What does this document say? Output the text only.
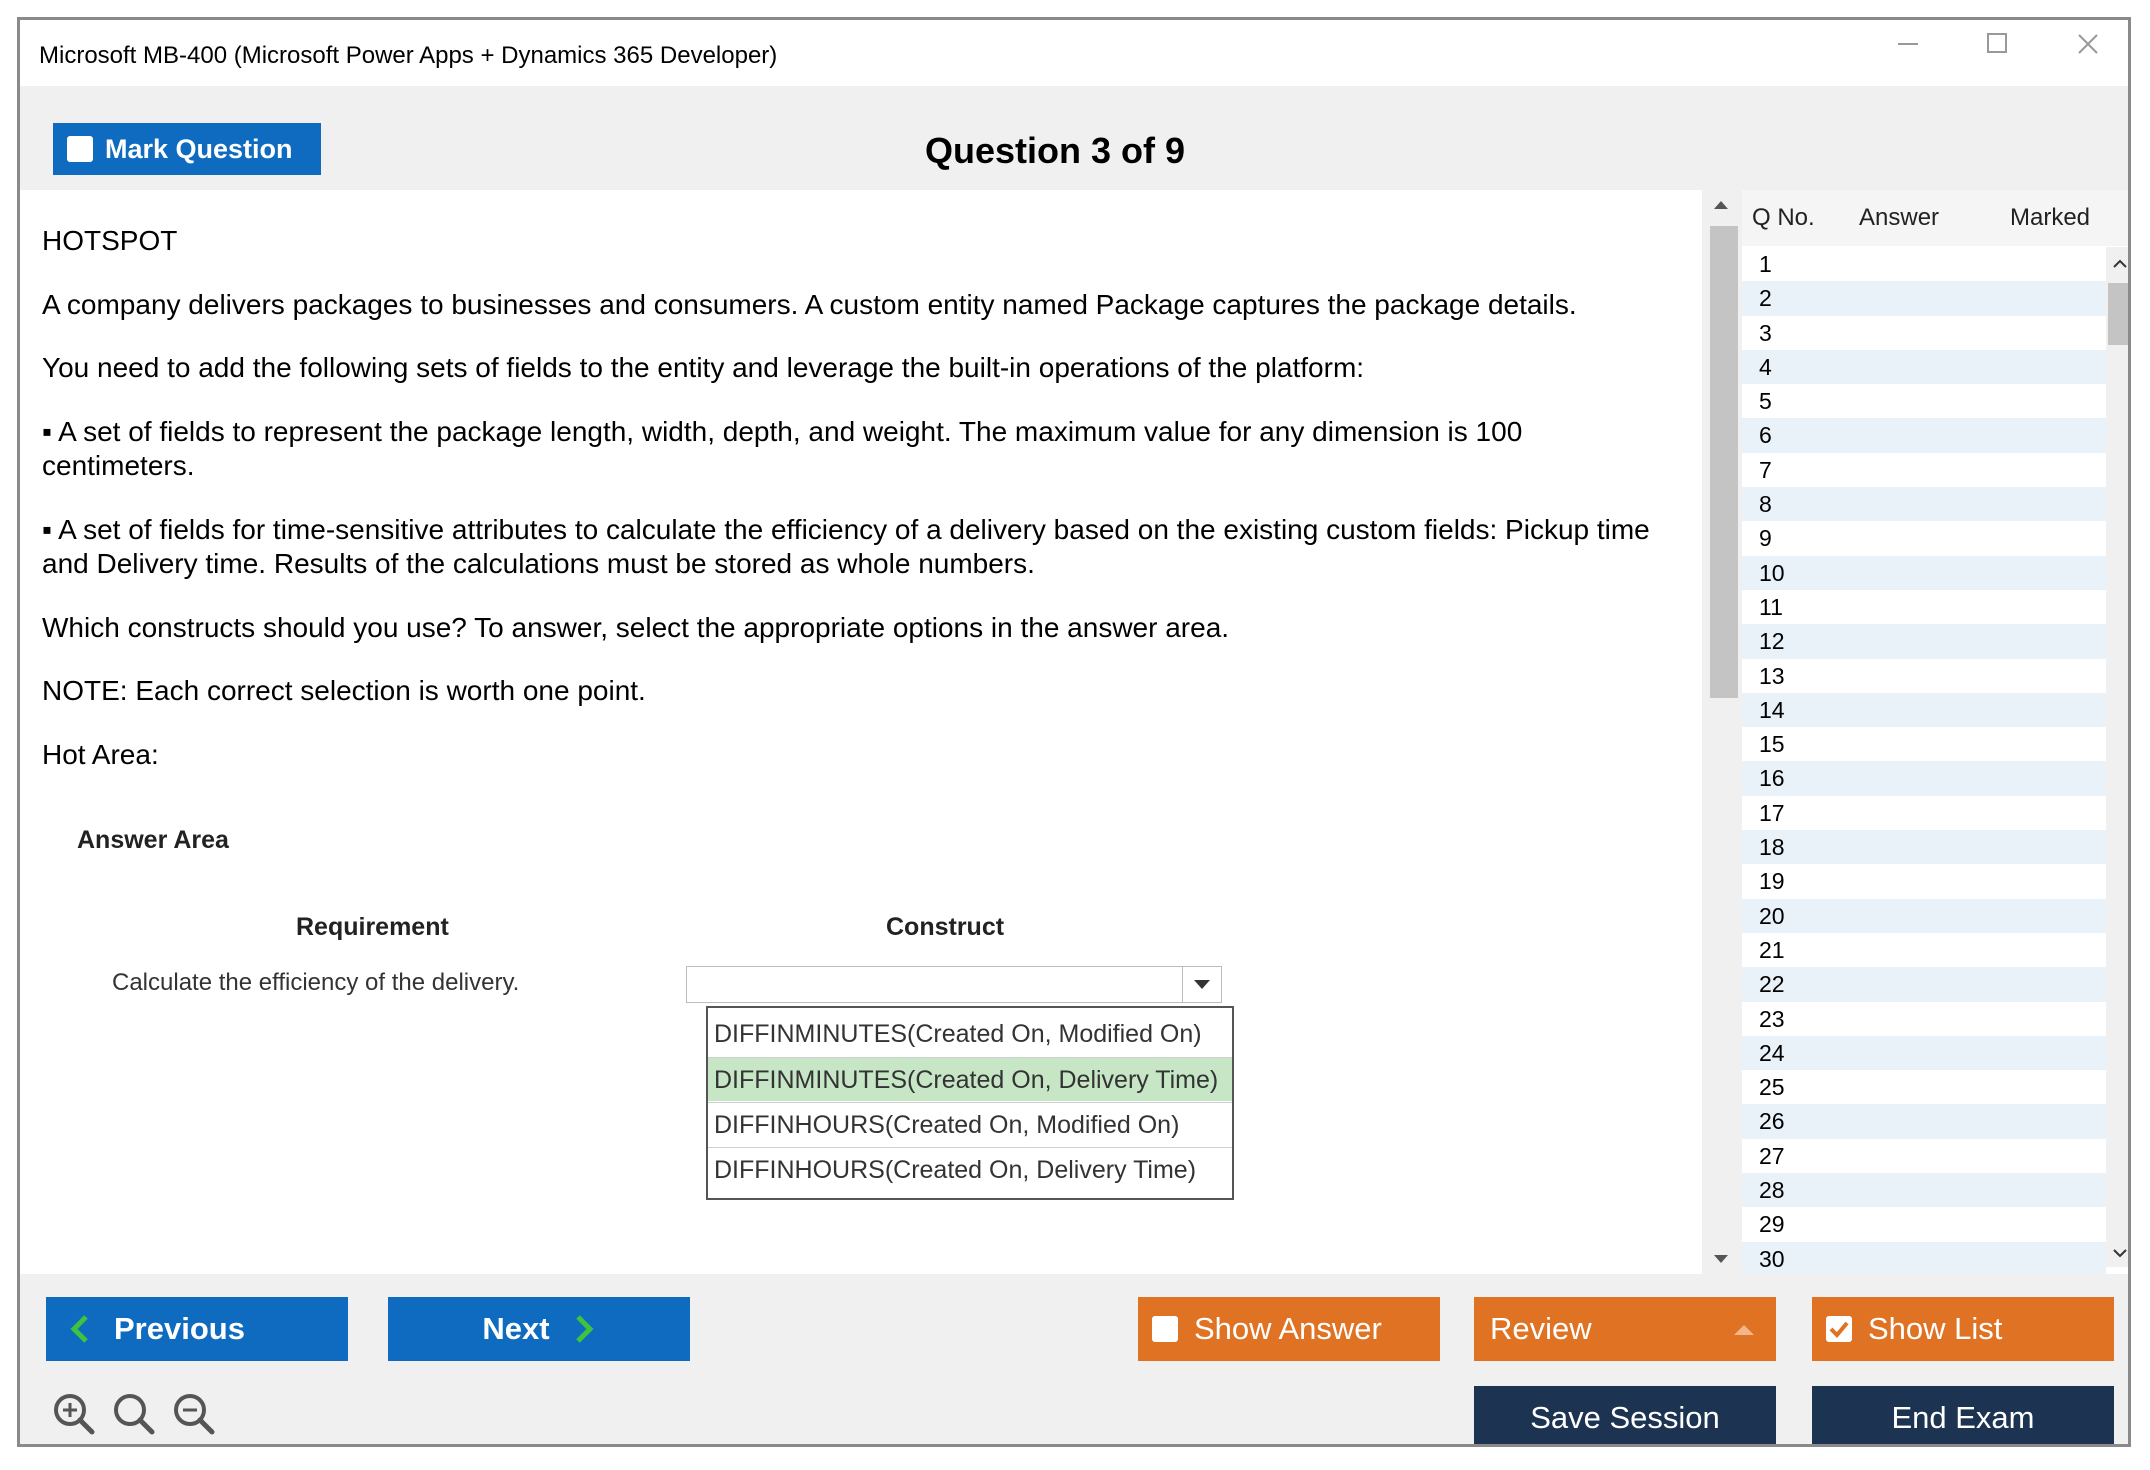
Microsoft MB-400 (Microsoft Power Apps + Dynamics 365 Developer)
Mark Question	Question 3 of 9
HOTSPOT
A company delivers packages to businesses and consumers. A custom entity named Package captures the package details.
You need to add the following sets of fields to the entity and leverage the built-in operations of the platform:
▪ A set of fields to represent the package length, width, depth, and weight. The maximum value for any dimension is 100 centimeters.
▪ A set of fields for time-sensitive attributes to calculate the efficiency of a delivery based on the existing custom fields: Pickup time and Delivery time. Results of the calculations must be stored as whole numbers.
Which constructs should you use? To answer, select the appropriate options in the answer area.
NOTE: Each correct selection is worth one point.
Hot Area:
Answer Area
Requirement	Construct
Calculate the efficiency of the delivery.
DIFFINMINUTES(Created On, Modified On)
DIFFINMINUTES(Created On, Delivery Time)
DIFFINHOURS(Created On, Modified On)
DIFFINHOURS(Created On, Delivery Time)
Q No. Answer	Marked
1
2
3
4
5
6
7
8
9
10
11
12
13
14
15
16
17
18
19
20
21
22
23
24
25
26
27
28
29
30
Previous	Next	Show Answer	Review	Show List
Save Session	End Exam
